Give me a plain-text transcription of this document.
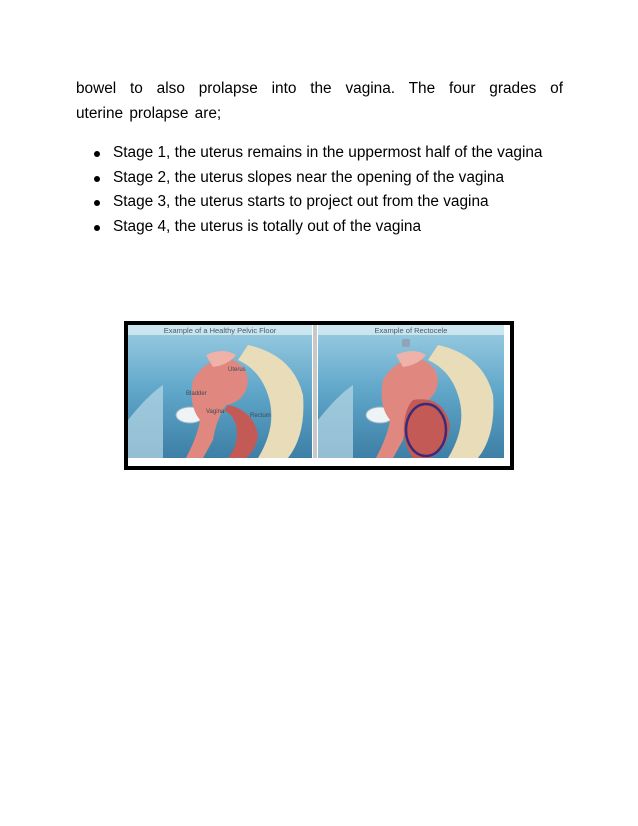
bowel to also prolapse into the vagina. The four grades of
uterine prolapse are;
Stage 1, the uterus remains in the uppermost half of the vagina
Stage 2, the uterus slopes near the opening of the vagina
Stage 3, the uterus starts to project out from the vagina
Stage 4, the uterus is totally out of the vagina
Example of a Healthy Pelvic Floor
Uterus
Bladder
Vagina
Rectum
Example of Rectocele
